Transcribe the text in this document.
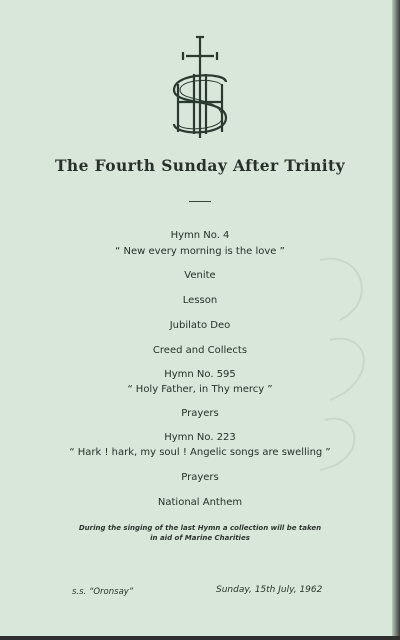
The Fourth Sunday After Trinity
Hymn No. 4
“ New every morning is the love ”
Venite
Lesson
Jubilato Deo
Creed and Collects
Hymn No. 595
“ Holy Father, in Thy mercy ”
Prayers
Hymn No. 223
“ Hark ! hark, my soul ! Angelic songs are swelling ”
Prayers
National Anthem
During the singing of the last Hymn a collection will be taken
in aid of Marine Charities
s.s. “Oronsay”	Sunday, 15th July, 1962
